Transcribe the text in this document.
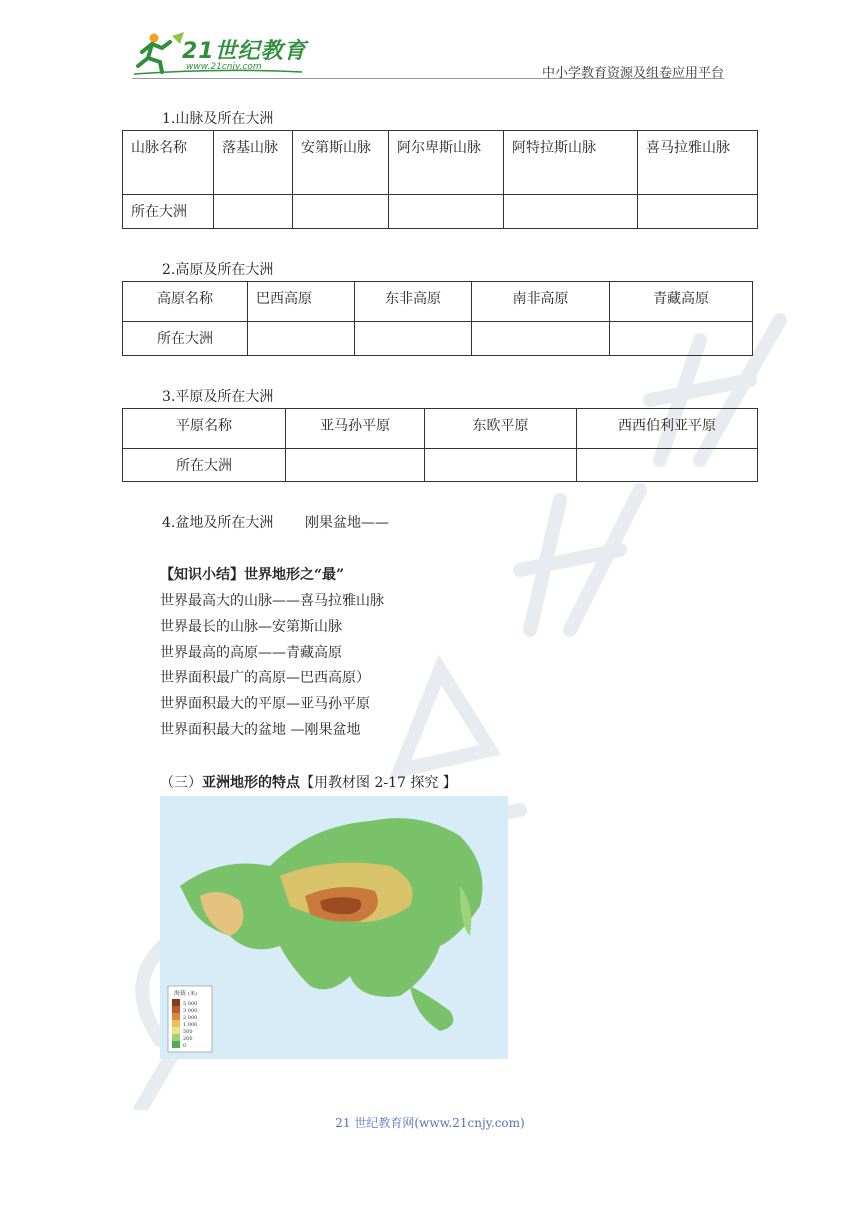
21世纪教育
www.21cnjy.com	中小学教育资源及组卷应用平台
1.山脉及所在大洲
山脉名称	落基山脉	安第斯山脉	阿尔卑斯山脉	阿特拉斯山脉	喜马拉雅山脉
所在大洲					
2.高原及所在大洲
高原名称	巴西高原	东非高原	南非高原	青藏高原
所在大洲				
3.平原及所在大洲
平原名称	亚马孙平原	东欧平原	西西伯利亚平原
所在大洲			
4.盆地及所在大洲 刚果盆地——
【知识小结】世界地形之“最”
世界最高大的山脉——喜马拉雅山脉
世界最长的山脉—安第斯山脉
世界最高的高原——青藏高原
世界面积最广的高原—巴西高原）
世界面积最大的平原—亚马孙平原
世界面积最大的盆地 —刚果盆地
（三）亚洲地形的特点【用教材图 2-17 探究 】
海拔 (米)
5 000
3 000
2 000
1 000
500
200
0
21 世纪教育网(www.21cnjy.com)
